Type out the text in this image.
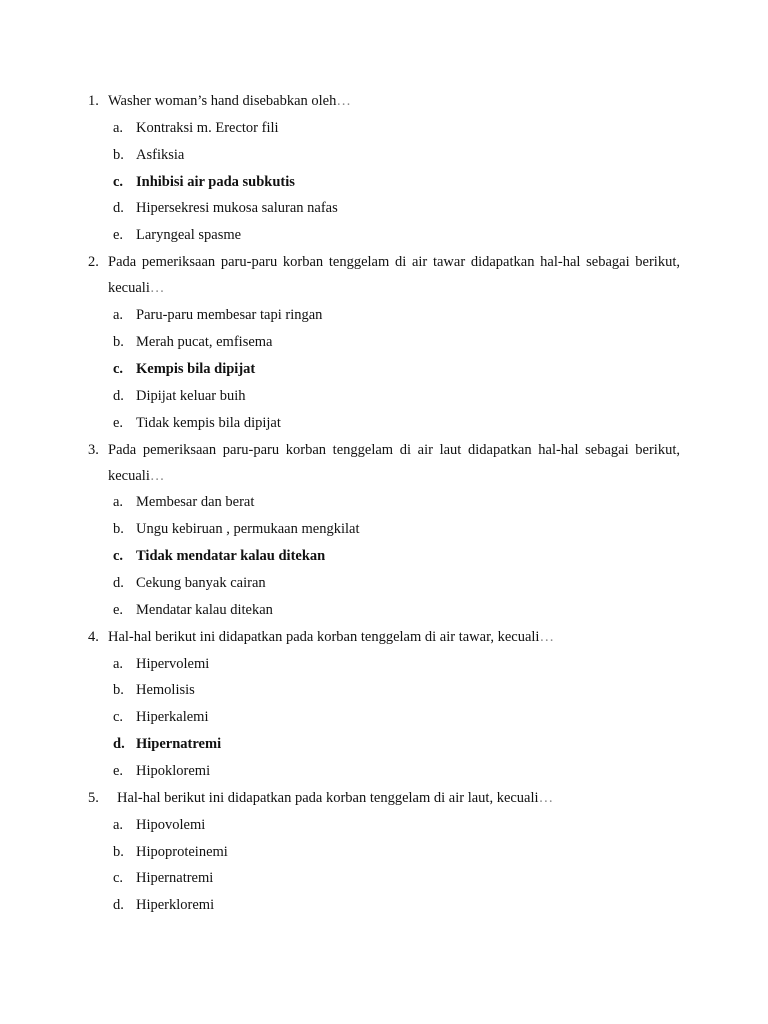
1. Washer woman’s hand disebabkan oleh…
a. Kontraksi m. Erector fili
b. Asfiksia
c. Inhibisi air pada subkutis
d. Hipersekresi mukosa saluran nafas
e. Laryngeal spasme
2. Pada pemeriksaan paru-paru korban tenggelam di air tawar didapatkan hal-hal sebagai berikut, kecuali…
a. Paru-paru membesar tapi ringan
b. Merah pucat, emfisema
c. Kempis bila dipijat
d. Dipijat keluar buih
e. Tidak kempis bila dipijat
3. Pada pemeriksaan paru-paru korban tenggelam di air laut didapatkan hal-hal sebagai berikut, kecuali…
a. Membesar dan berat
b. Ungu kebiruan , permukaan mengkilat
c. Tidak mendatar kalau ditekan
d. Cekung banyak cairan
e. Mendatar kalau ditekan
4. Hal-hal berikut ini didapatkan pada korban tenggelam di air tawar, kecuali…
a. Hipervolemi
b. Hemolisis
c. Hiperkalemi
d. Hipernatremi
e. Hipokloremi
5.	Hal-hal berikut ini didapatkan pada korban tenggelam di air laut, kecuali…
a. Hipovolemi
b. Hipoproteinemi
c. Hipernatremi
d. Hiperkloremi
